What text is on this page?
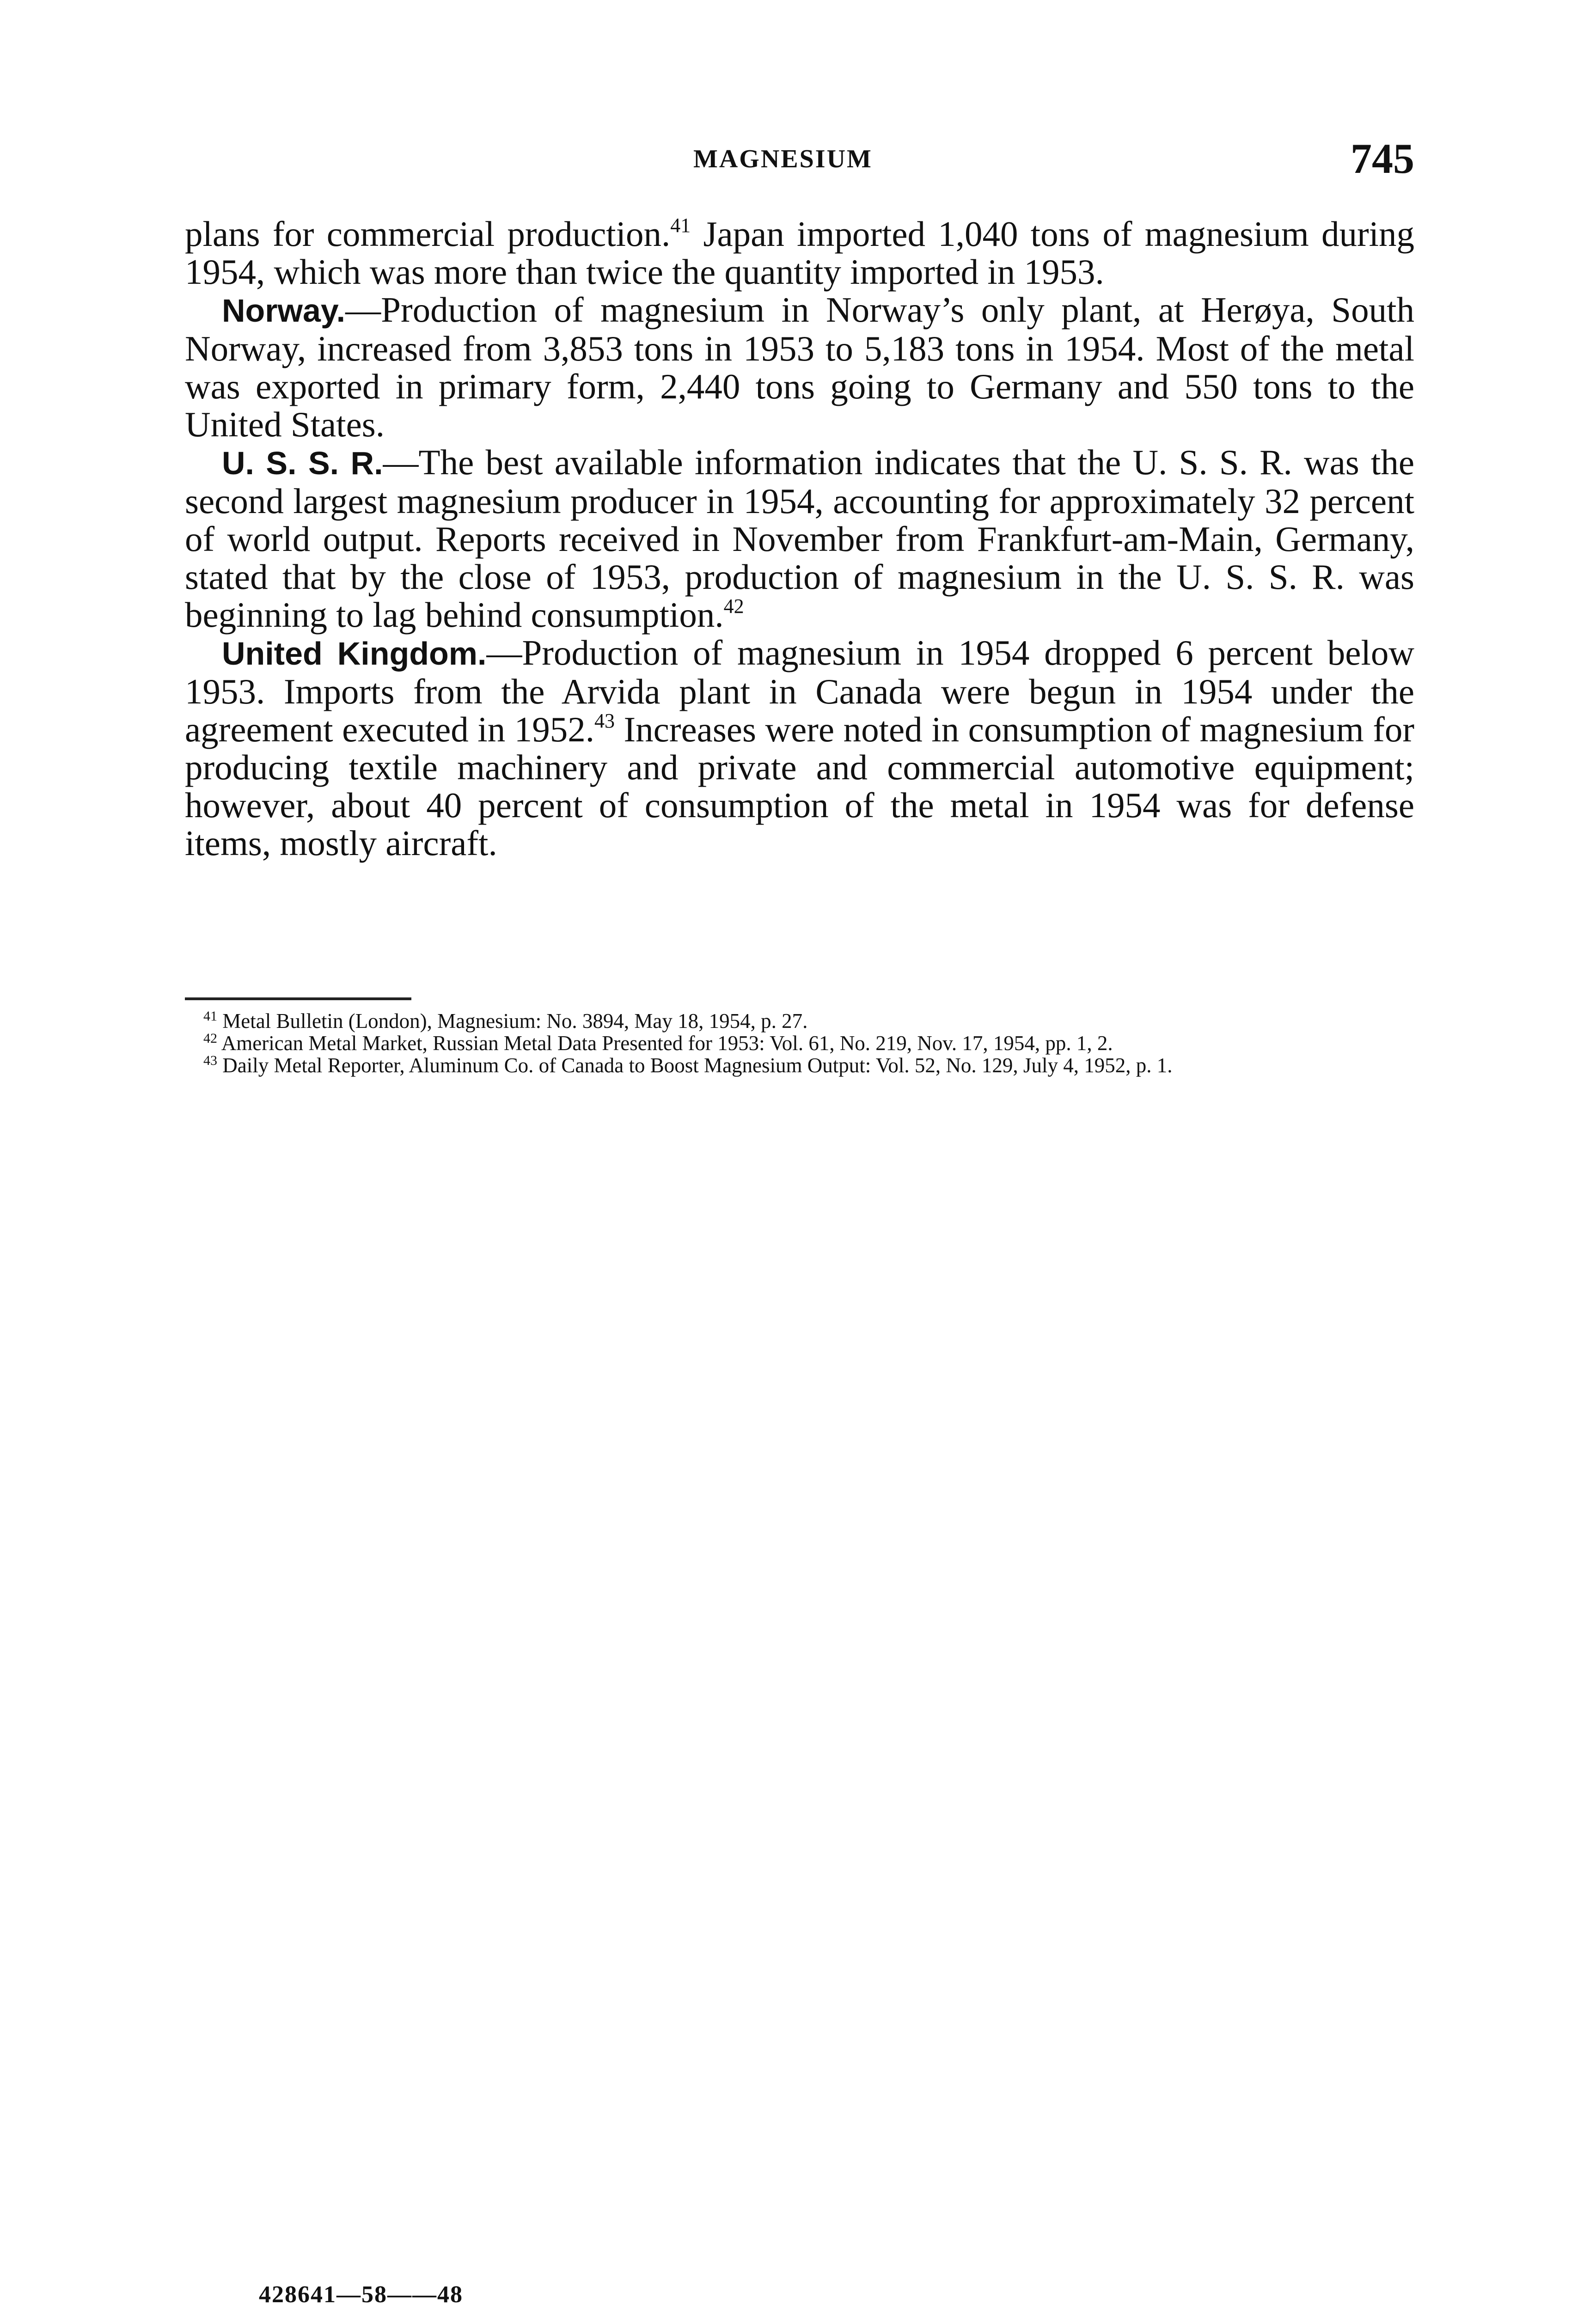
MAGNESIUM	745

plans for commercial production.$^{41}$ Japan imported 1,040 tons of magnesium during 1954, which was more than twice the quantity imported in 1953.

Norway.—Production of magnesium in Norway’s only plant, at Herøya, South Norway, increased from 3,853 tons in 1953 to 5,183 tons in 1954. Most of the metal was exported in primary form, 2,440 tons going to Germany and 550 tons to the United States.

U. S. S. R.—The best available information indicates that the U. S. S. R. was the second largest magnesium producer in 1954, accounting for approximately 32 percent of world output. Reports received in November from Frankfurt-am-Main, Germany, stated that by the close of 1953, production of magnesium in the U. S. S. R. was beginning to lag behind consumption.$^{42}$

United Kingdom.—Production of magnesium in 1954 dropped 6 percent below 1953. Imports from the Arvida plant in Canada were begun in 1954 under the agreement executed in 1952.43 Increases were noted in consumption of magnesium for producing textile machinery and private and commercial automotive equipment; however, about 40 percent of consumption of the metal in 1954 was for defense items, mostly aircraft.

$^{41}$ Metal Bulletin (London), Magnesium: No. 3894, May 18, 1954, p. 27.

$^{42}$ American Metal Market, Russian Metal Data Presented for 1953: Vol. 61, No. 219, Nov. 17, 1954, pp. 1, 2.

$^{43}$ Daily Metal Reporter, Aluminum Co. of Canada to Boost Magnesium Output: Vol. 52, No. 129, July 4, 1952, p. 1.

428641—58——48
